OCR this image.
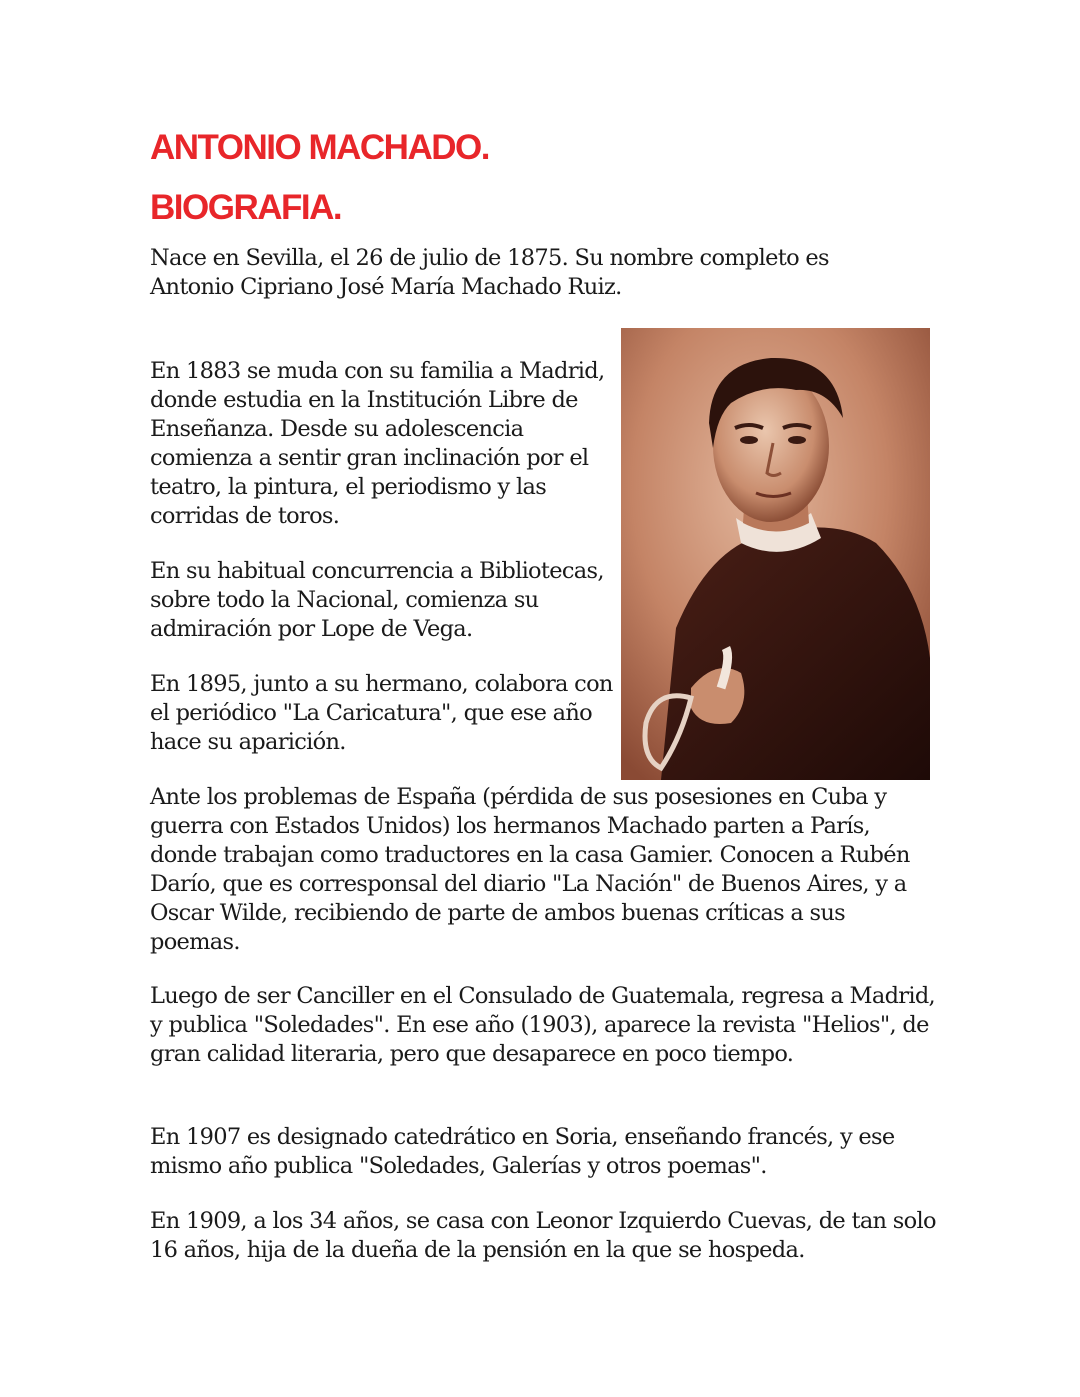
ANTONIO MACHADO.
BIOGRAFIA.

Nace en Sevilla, el 26 de julio de 1875. Su nombre completo es Antonio Cipriano José María Machado Ruiz.

En 1883 se muda con su familia a Madrid, donde estudia en la Institución Libre de Enseñanza. Desde su adolescencia comienza a sentir gran inclinación por el teatro, la pintura, el periodismo y las corridas de toros.

En su habitual concurrencia a Bibliotecas, sobre todo la Nacional, comienza su admiración por Lope de Vega.

En 1895, junto a su hermano, colabora con el periódico "La Caricatura", que ese año hace su aparición.

Ante los problemas de España (pérdida de sus posesiones en Cuba y guerra con Estados Unidos) los hermanos Machado parten a París, donde trabajan como traductores en la casa Gamier. Conocen a Rubén Darío, que es corresponsal del diario "La Nación" de Buenos Aires, y a Oscar Wilde, recibiendo de parte de ambos buenas críticas a sus poemas.

Luego de ser Canciller en el Consulado de Guatemala, regresa a Madrid, y publica "Soledades". En ese año (1903), aparece la revista "Helios", de gran calidad literaria, pero que desaparece en poco tiempo.

En 1907 es designado catedrático en Soria, enseñando francés, y ese mismo año publica "Soledades, Galerías y otros poemas".

En 1909, a los 34 años, se casa con Leonor Izquierdo Cuevas, de tan solo 16 años, hija de la dueña de la pensión en la que se hospeda.
